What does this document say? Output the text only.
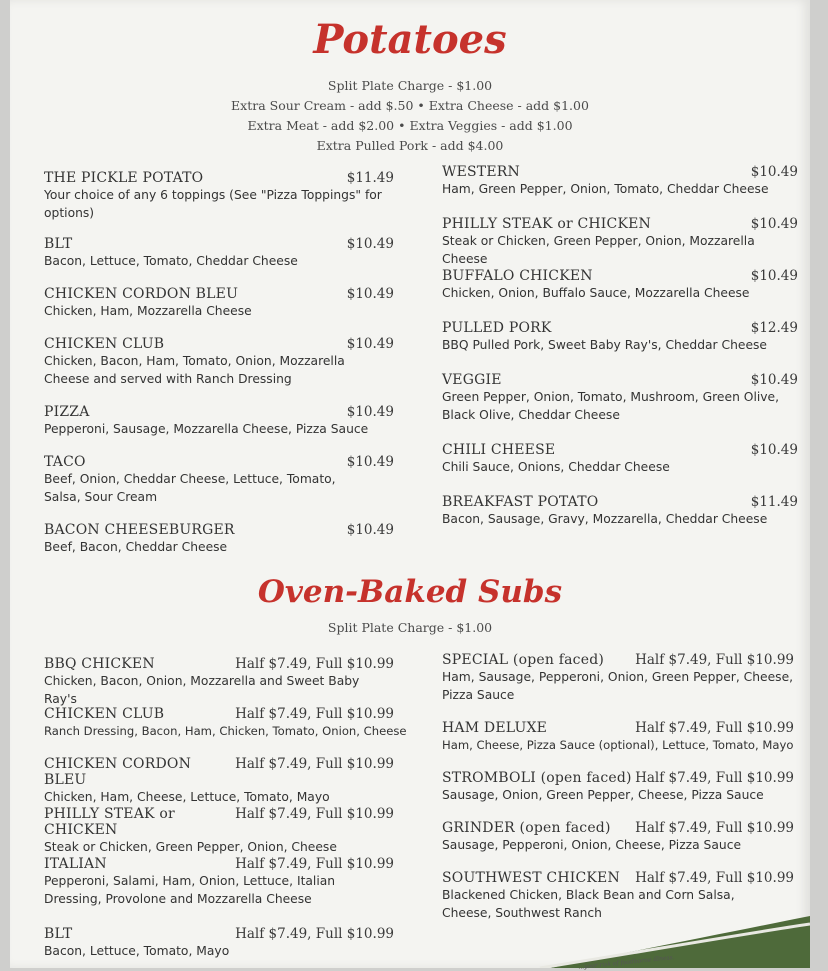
Potatoes
Split Plate Charge - $1.00
Extra Sour Cream - add $.50 • Extra Cheese - add $1.00
Extra Meat - add $2.00 • Extra Veggies - add $1.00
Extra Pulled Pork - add $4.00
THE PICKLE POTATO	$11.49
Your choice of any 6 toppings (See "Pizza Toppings" for options)
BLT	$10.49
Bacon, Lettuce, Tomato, Cheddar Cheese
CHICKEN CORDON BLEU	$10.49
Chicken, Ham, Mozzarella Cheese
CHICKEN CLUB	$10.49
Chicken, Bacon, Ham, Tomato, Onion, Mozzarella Cheese and served with Ranch Dressing
PIZZA	$10.49
Pepperoni, Sausage, Mozzarella Cheese, Pizza Sauce
TACO	$10.49
Beef, Onion, Cheddar Cheese, Lettuce, Tomato, Salsa, Sour Cream
BACON CHEESEBURGER	$10.49
Beef, Bacon, Cheddar Cheese
WESTERN	$10.49
Ham, Green Pepper, Onion, Tomato, Cheddar Cheese
PHILLY STEAK or CHICKEN	$10.49
Steak or Chicken, Green Pepper, Onion, Mozzarella Cheese
BUFFALO CHICKEN	$10.49
Chicken, Onion, Buffalo Sauce, Mozzarella Cheese
PULLED PORK	$12.49
BBQ Pulled Pork, Sweet Baby Ray's, Cheddar Cheese
VEGGIE	$10.49
Green Pepper, Onion, Tomato, Mushroom, Green Olive, Black Olive, Cheddar Cheese
CHILI CHEESE	$10.49
Chili Sauce, Onions, Cheddar Cheese
BREAKFAST POTATO	$11.49
Bacon, Sausage, Gravy, Mozzarella, Cheddar Cheese
Oven-Baked Subs
Split Plate Charge - $1.00
BBQ CHICKEN	Half $7.49, Full $10.99
Chicken, Bacon, Onion, Mozzarella and Sweet Baby Ray's
CHICKEN CLUB	Half $7.49, Full $10.99
Ranch Dressing, Bacon, Ham, Chicken, Tomato, Onion, Cheese
CHICKEN CORDON BLEU
Half $7.49, Full $10.99
Chicken, Ham, Cheese, Lettuce, Tomato, Mayo
PHILLY STEAK or CHICKEN
Half $7.49, Full $10.99
Steak or Chicken, Green Pepper, Onion, Cheese
ITALIAN	Half $7.49, Full $10.99
Pepperoni, Salami, Ham, Onion, Lettuce, Italian Dressing, Provolone and Mozzarella Cheese
BLT	Half $7.49, Full $10.99
Bacon, Lettuce, Tomato, Mayo
SPECIAL (open faced) Half $7.49, Full $10.99
Ham, Sausage, Pepperoni, Onion, Green Pepper, Cheese, Pizza Sauce
HAM DELUXE	Half $7.49, Full $10.99
Ham, Cheese, Pizza Sauce (optional), Lettuce, Tomato, Mayo
STROMBOLI (open faced) Half $7.49, Full $10.99
Sausage, Onion, Green Pepper, Cheese, Pizza Sauce
GRINDER (open faced) Half $7.49, Full $10.99
Sausage, Pepperoni, Onion, Cheese, Pizza Sauce
SOUTHWEST CHICKEN Half $7.49, Full $10.99
Blackened Chicken, Black Bean and Corn Salsa, Cheese, Southwest Ranch
...your risk of foodborne illness.
